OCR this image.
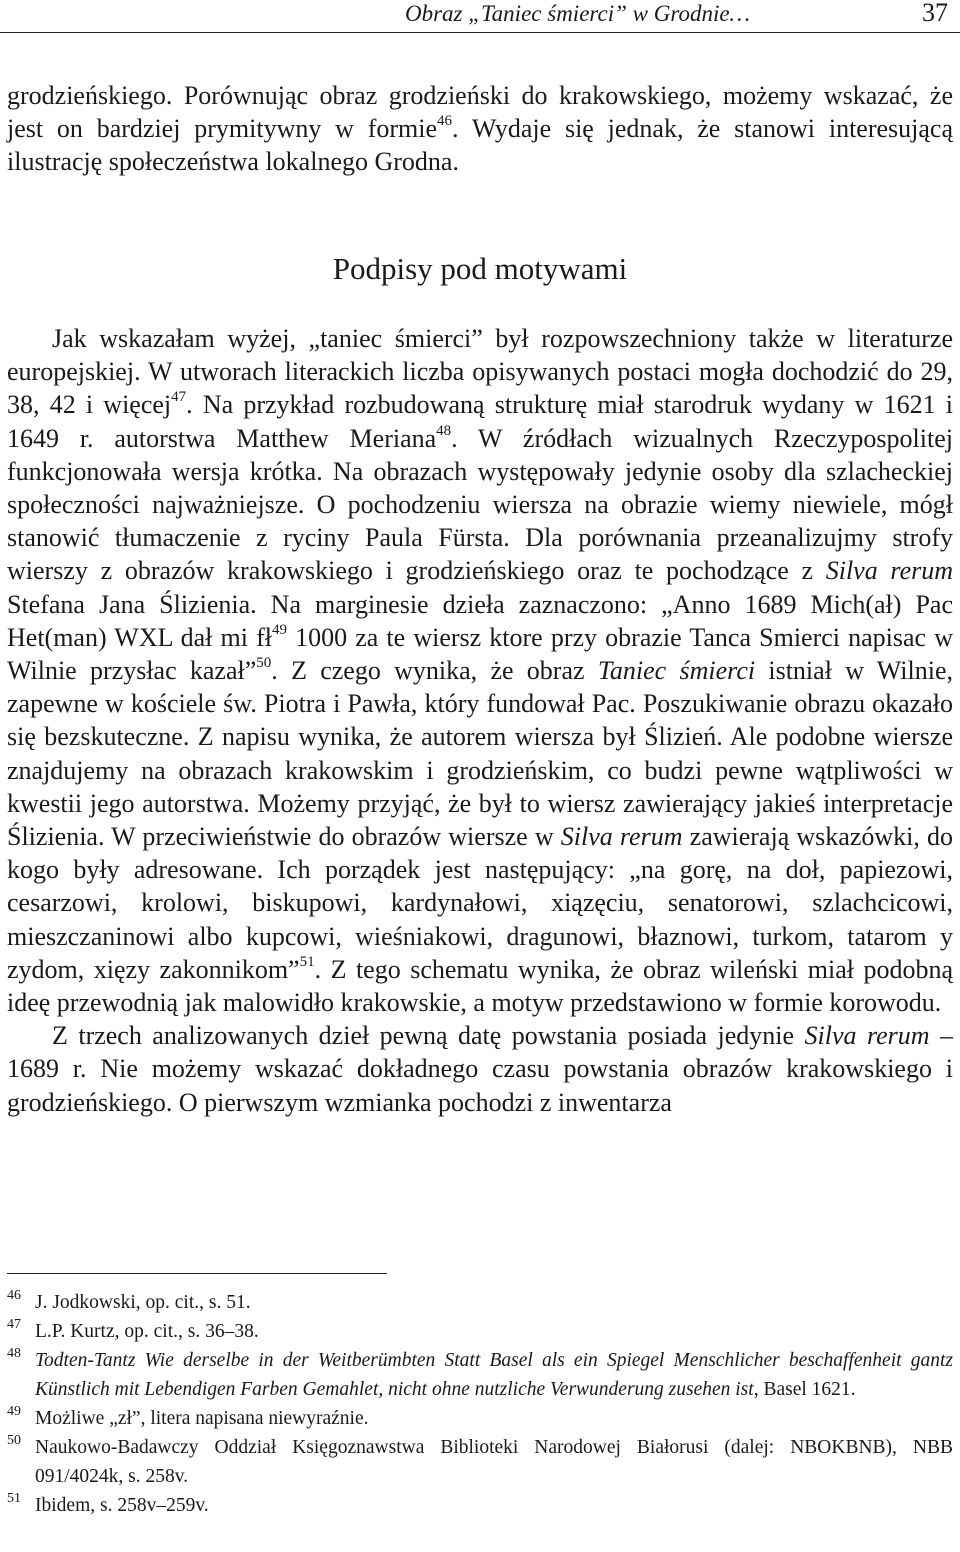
Obraz „Taniec śmierci” w Grodnie…	37

grodzieńskiego. Porównując obraz grodzieński do krakowskiego, możemy wskazać, że jest on bardziej prymitywny w formie$^{46}$. Wydaje się jednak, że stanowi interesującą ilustrację społeczeństwa lokalnego Grodna.

Podpisy pod motywami

Jak wskazałam wyżej, „taniec śmierci” był rozpowszechniony także w literaturze europejskiej. W utworach literackich liczba opisywanych postaci mogła dochodzić do 29, 38, 42 i więcej$^{47}$. Na przykład rozbudowaną strukturę miał starodruk wydany w 1621 i 1649 r. autorstwa Matthew Meriana$^{48}$. W źródłach wizualnych Rzeczypospolitej funkcjonowała wersja krótka. Na obrazach występowały jedynie osoby dla szlacheckiej społeczności najważniejsze. O pochodzeniu wiersza na obrazie wiemy niewiele, mógł stanowić tłumaczenie z ryciny Paula Fürsta. Dla porównania przeanalizujmy strofy wierszy z obrazów krakowskiego i grodzieńskiego oraz te pochodzące z Silva rerum Stefana Jana Ślizienia. Na marginesie dzieła zaznaczono: „Anno 1689 Mich(ał) Pac Het(man) WXL dał mi $fł^{49}$ 1000 za te wiersz ktore przy obrazie Tanca Smierci napisac w Wilnie przysłac kazał”$^{50}$. Z czego wynika, że obraz Taniec śmierci istniał w Wilnie, zapewne w kościele św. Piotra i Pawła, który fundował Pac. Poszukiwanie obrazu okazało się bezskuteczne. Z napisu wynika, że autorem wiersza był Ślizień. Ale podobne wiersze znajdujemy na obrazach krakowskim i grodzieńskim, co budzi pewne wątpliwości w kwestii jego autorstwa. Możemy przyjąć, że był to wiersz zawierający jakieś interpretacje Ślizienia. W przeciwieństwie do obrazów wiersze w Silva rerum zawierają wskazówki, do kogo były adresowane. Ich porządek jest następujący: „na gorę, na doł, papiezowi, cesarzowi, krolowi, biskupowi, kardynałowi, xiązęciu, senatorowi, szlachcicowi, mieszczaninowi albo kupcowi, wieśniakowi, dragunowi, błaznowi, turkom, tatarom y zydom, xięzy zakonnikom”$^{51}$. Z tego schematu wynika, że obraz wileński miał podobną ideę przewodnią jak malowidło krakowskie, a motyw przedstawiono w formie korowodu.

Z trzech analizowanych dzieł pewną datę powstania posiada jedynie Silva rerum – 1689 r. Nie możemy wskazać dokładnego czasu powstania obrazów krakowskiego i grodzieńskiego. O pierwszym wzmianka pochodzi z inwentarza

46 J. Jodkowski, op. cit., s. 51.
47 L.P. Kurtz, op. cit., s. 36–38.
48 Todten-Tantz Wie derselbe in der Weitberümbten Statt Basel als ein Spiegel Menschlicher beschaffenheit gantz Künstlich mit Lebendigen Farben Gemahlet, nicht ohne nutzliche Verwunderung zusehen ist, Basel 1621.
49 Możliwe „zł”, litera napisana niewyraźnie.
50 Naukowo-Badawczy Oddział Księgoznawstwa Biblioteki Narodowej Białorusi (dalej: NBOKBNB), NBB 091/4024k, s. 258v.
51 Ibidem, s. 258v–259v.
